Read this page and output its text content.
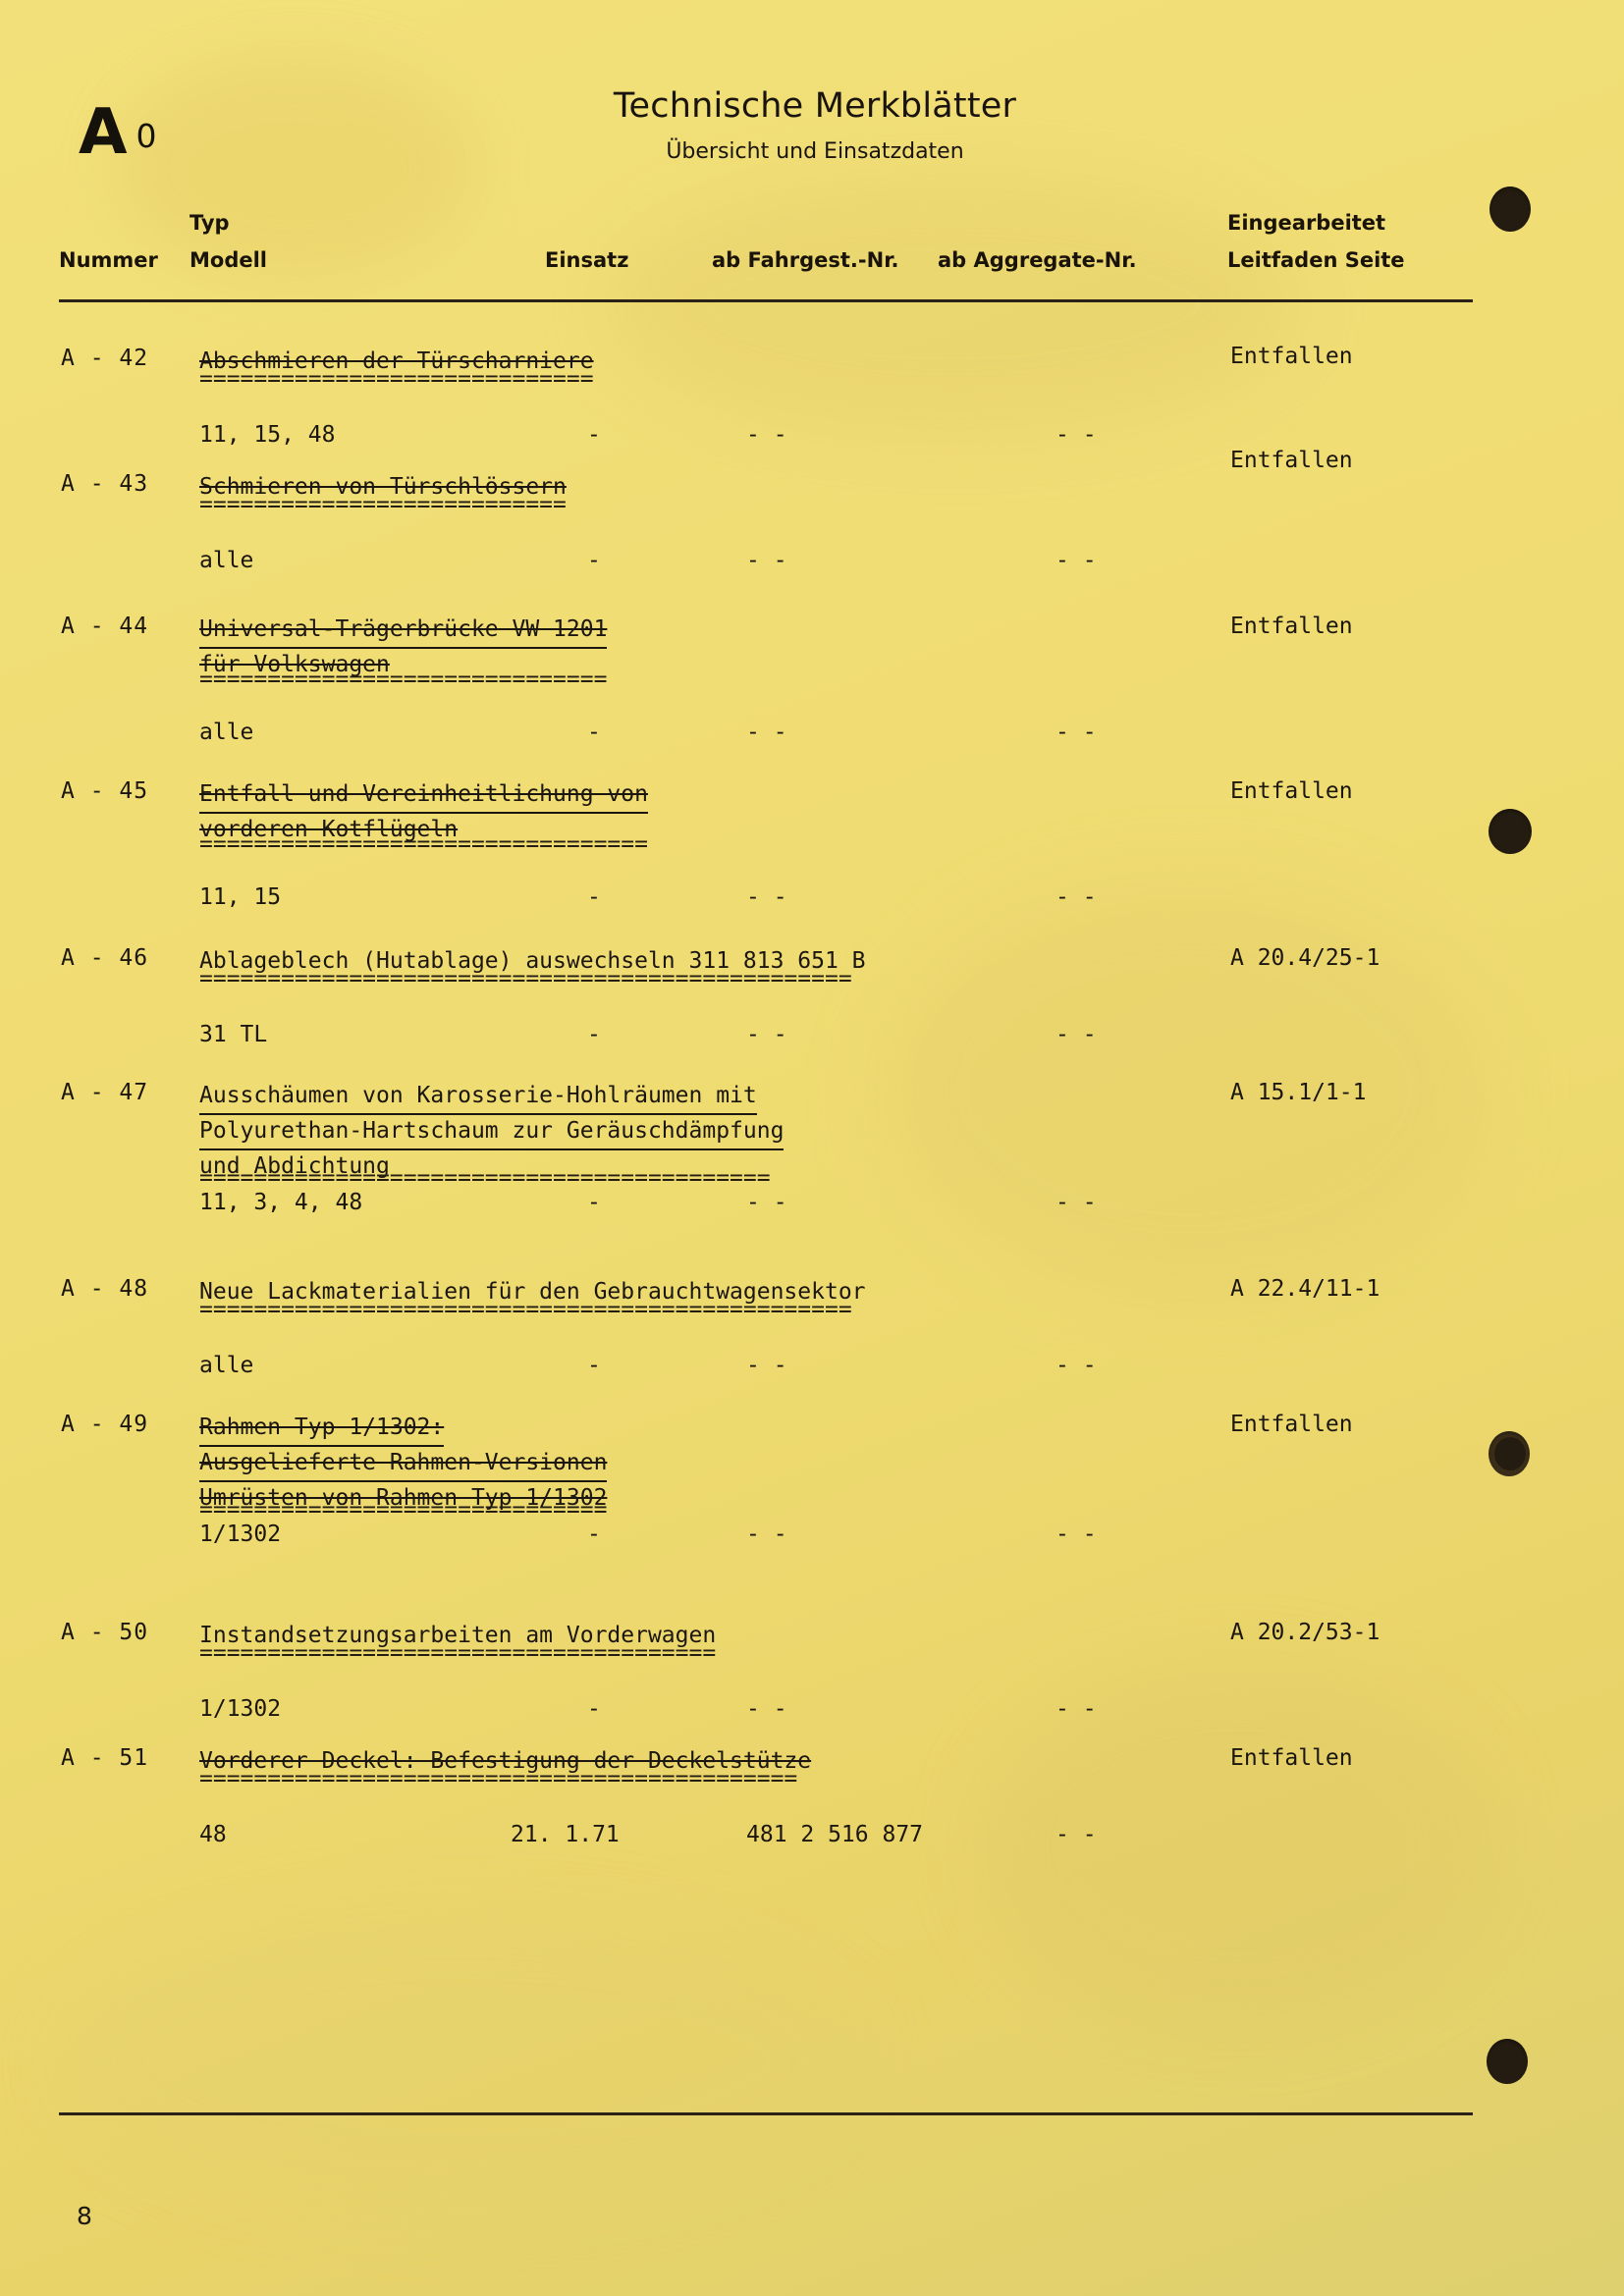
A 0
Technische Merkblätter
Übersicht und Einsatzdaten
Typ
Nummer Modell	Einsatz	ab Fahrgest.-Nr. ab Aggregate-Nr.
Eingearbeitet
Leitfaden Seite
A - 42 Abschmieren der Türscharniere
11, 15, 48	-	- -	- -
Entfallen
A - 43 Schmieren von Türschlössern
alle	-	- -	- -
Entfallen
A - 44 Universal-Trägerbrücke VW 1201
für Volkswagen
alle	-	- -	- -
Entfallen
A - 45 Entfall und Vereinheitlichung von
vorderen Kotflügeln
11, 15	-	- -	- -
Entfallen
A - 46 Ablageblech (Hutablage) auswechseln 311 813 651 B
31 TL	-	- -	- -
A 20.4/25-1
A - 47 Ausschäumen von Karosserie-Hohlräumen mit
Polyurethan-Hartschaum zur Geräuschdämpfung
und Abdichtung
11, 3, 4, 48	-	- -	- -
A 15.1/1-1
A - 48 Neue Lackmaterialien für den Gebrauchtwagensektor
alle	-	- -	- -
A 22.4/11-1
A - 49 Rahmen Typ 1/1302:
Ausgelieferte Rahmen-Versionen
Umrüsten von Rahmen Typ 1/1302
1/1302	-	- -	- -
Entfallen
A - 50 Instandsetzungsarbeiten am Vorderwagen
1/1302	-	- -	- -
A 20.2/53-1
A - 51 Vorderer Deckel: Befestigung der Deckelstütze
48	21. 1.71	481 2 516 877	- -
Entfallen
8
